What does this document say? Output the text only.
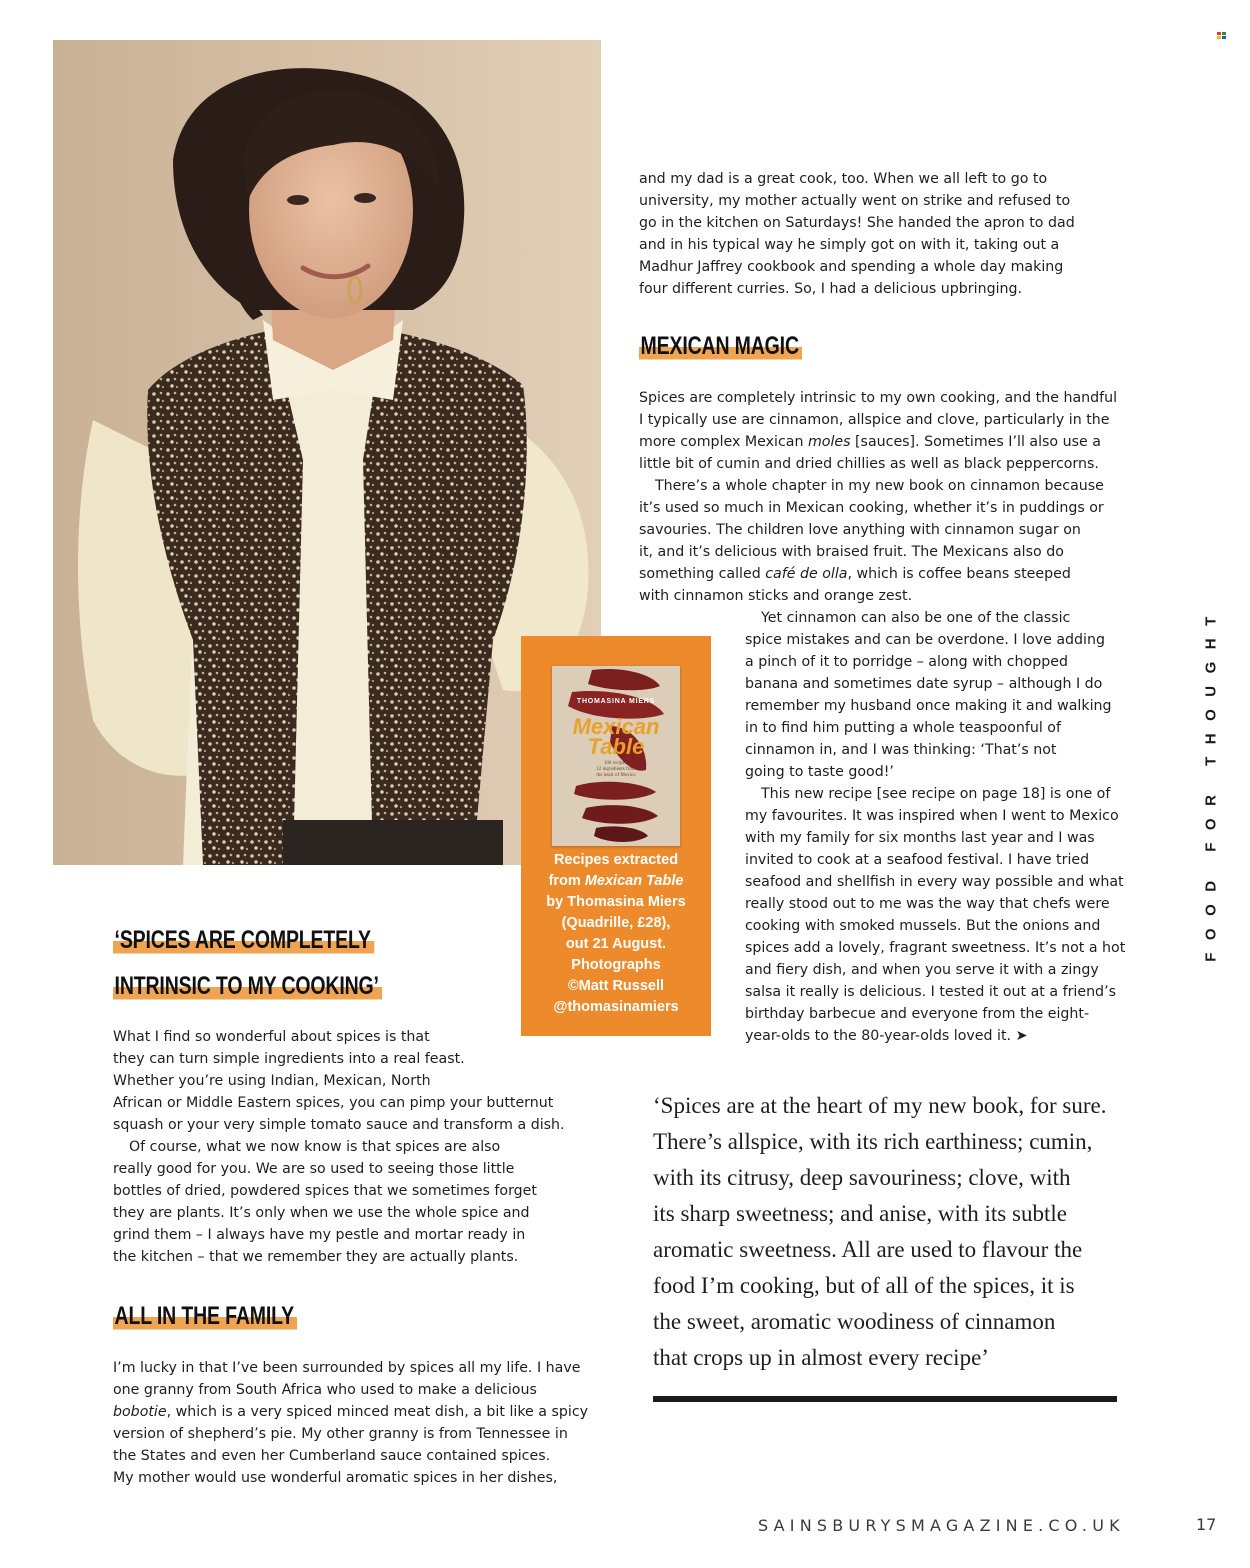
and my dad is a great cook, too. When we all left to go to
university, my mother actually went on strike and refused to
go in the kitchen on Saturdays! She handed the apron to dad
and in his typical way he simply got on with it, taking out a
Madhur Jaffrey cookbook and spending a whole day making
four different curries. So, I had a delicious upbringing.
MEXICAN MAGIC
Spices are completely intrinsic to my own cooking, and the handful
I typically use are cinnamon, allspice and clove, particularly in the
more complex Mexican moles [sauces]. Sometimes I’ll also use a
little bit of cumin and dried chillies as well as black peppercorns.
There’s a whole chapter in my new book on cinnamon because
it’s used so much in Mexican cooking, whether it’s in puddings or
savouries. The children love anything with cinnamon sugar on
it, and it’s delicious with braised fruit. The Mexicans also do
something called café de olla, which is coffee beans steeped
with cinnamon sticks and orange zest.
Yet cinnamon can also be one of the classic
spice mistakes and can be overdone. I love adding
a pinch of it to porridge – along with chopped
banana and sometimes date syrup – although I do
remember my husband once making it and walking
in to find him putting a whole teaspoonful of
cinnamon in, and I was thinking: ‘That’s not
going to taste good!’
This new recipe [see recipe on page 18] is one of
my favourites. It was inspired when I went to Mexico
with my family for six months last year and I was
invited to cook at a seafood festival. I have tried
seafood and shellfish in every way possible and what
really stood out to me was the way that chefs were
cooking with smoked mussels. But the onions and
spices add a lovely, fragrant sweetness. It’s not a hot
and fiery dish, and when you serve it with a zingy
salsa it really is delicious. I tested it out at a friend’s
birthday barbecue and everyone from the eight-
year-olds to the 80-year-olds loved it. ➤
THOMASINA MIERS
Mexican
Table
100 recipes,
12 ingredients from
the heart of Mexico
Recipes extracted
from Mexican Table
by Thomasina Miers
(Quadrille, £28),
out 21 August.
Photographs
©Matt Russell
@thomasinamiers
‘SPICES ARE COMPLETELY
INTRINSIC TO MY COOKING’
What I find so wonderful about spices is that
they can turn simple ingredients into a real feast.
Whether you’re using Indian, Mexican, North
African or Middle Eastern spices, you can pimp your butternut
squash or your very simple tomato sauce and transform a dish.
Of course, what we now know is that spices are also
really good for you. We are so used to seeing those little
bottles of dried, powdered spices that we sometimes forget
they are plants. It’s only when we use the whole spice and
grind them – I always have my pestle and mortar ready in
the kitchen – that we remember they are actually plants.
ALL IN THE FAMILY
I’m lucky in that I’ve been surrounded by spices all my life. I have
one granny from South Africa who used to make a delicious
bobotie, which is a very spiced minced meat dish, a bit like a spicy
version of shepherd’s pie. My other granny is from Tennessee in
the States and even her Cumberland sauce contained spices.
My mother would use wonderful aromatic spices in her dishes,
‘Spices are at the heart of my new book, for sure.
There’s allspice, with its rich earthiness; cumin,
with its citrusy, deep savouriness; clove, with
its sharp sweetness; and anise, with its subtle
aromatic sweetness. All are used to flavour the
food I’m cooking, but of all of the spices, it is
the sweet, aromatic woodiness of cinnamon
that crops up in almost every recipe’
FOOD FOR THOUGHT
SAINSBURYSMAGAZINE.CO.UK	17
